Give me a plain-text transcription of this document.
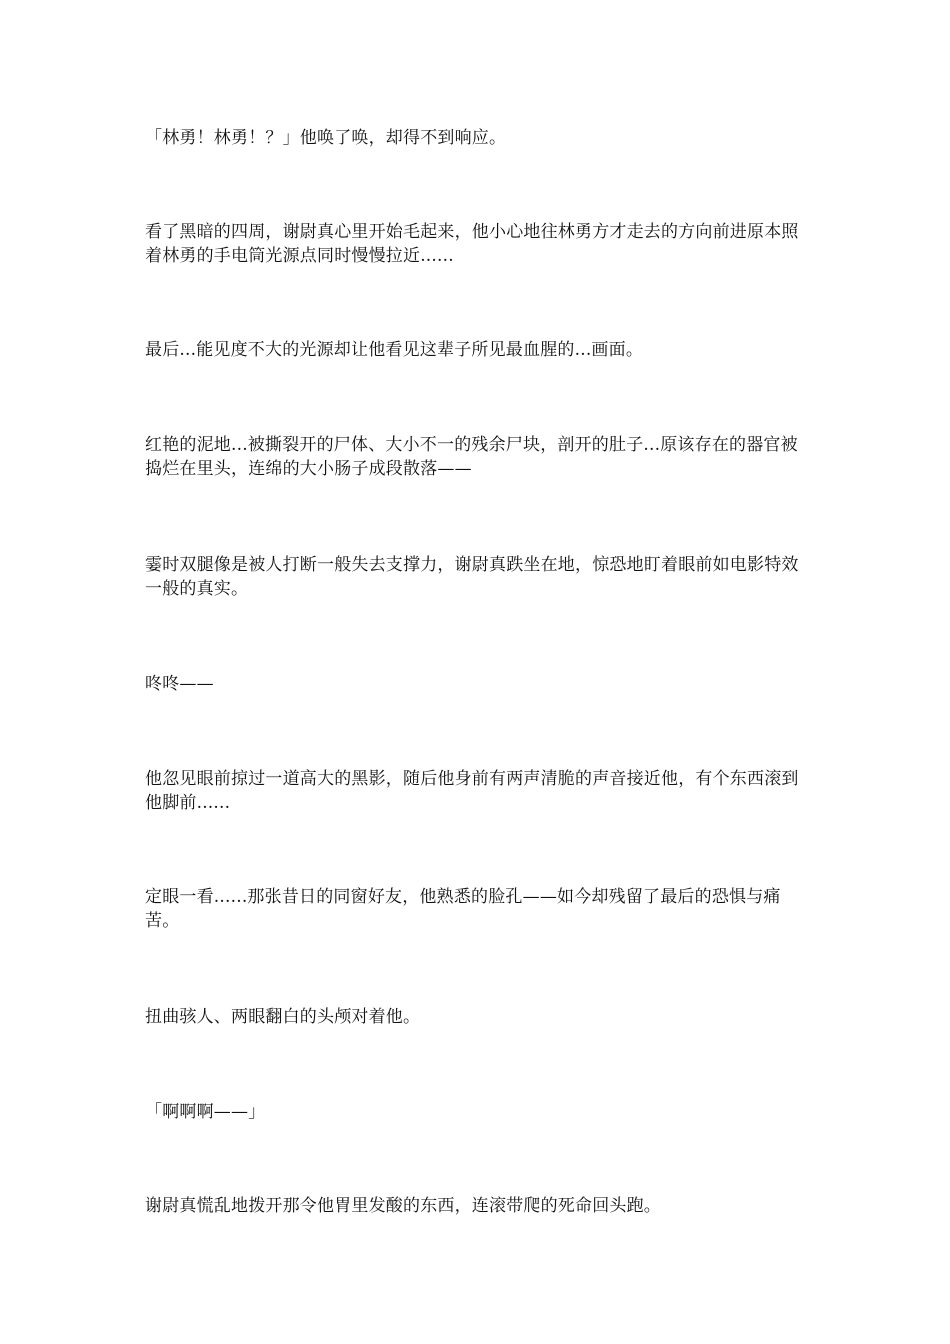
「林勇！林勇！？」他唤了唤，却得不到响应。

看了黑暗的四周，谢尉真心里开始毛起来，他小心地往林勇方才走去的方向前进原本照着林勇的手电筒光源点同时慢慢拉近......

最后...能见度不大的光源却让他看见这辈子所见最血腥的...画面。

红艳的泥地...被撕裂开的尸体、大小不一的残余尸块，剖开的肚子...原该存在的器官被捣烂在里头，连绵的大小肠子成段散落——

霎时双腿像是被人打断一般失去支撑力，谢尉真跌坐在地，惊恐地盯着眼前如电影特效一般的真实。

咚咚——

他忽见眼前掠过一道高大的黑影，随后他身前有两声清脆的声音接近他，有个东西滚到他脚前......

定眼一看......那张昔日的同窗好友，他熟悉的脸孔——如今却残留了最后的恐惧与痛苦。

扭曲骇人、两眼翻白的头颅对着他。

「啊啊啊——」

谢尉真慌乱地拨开那令他胃里发酸的东西，连滚带爬的死命回头跑。
